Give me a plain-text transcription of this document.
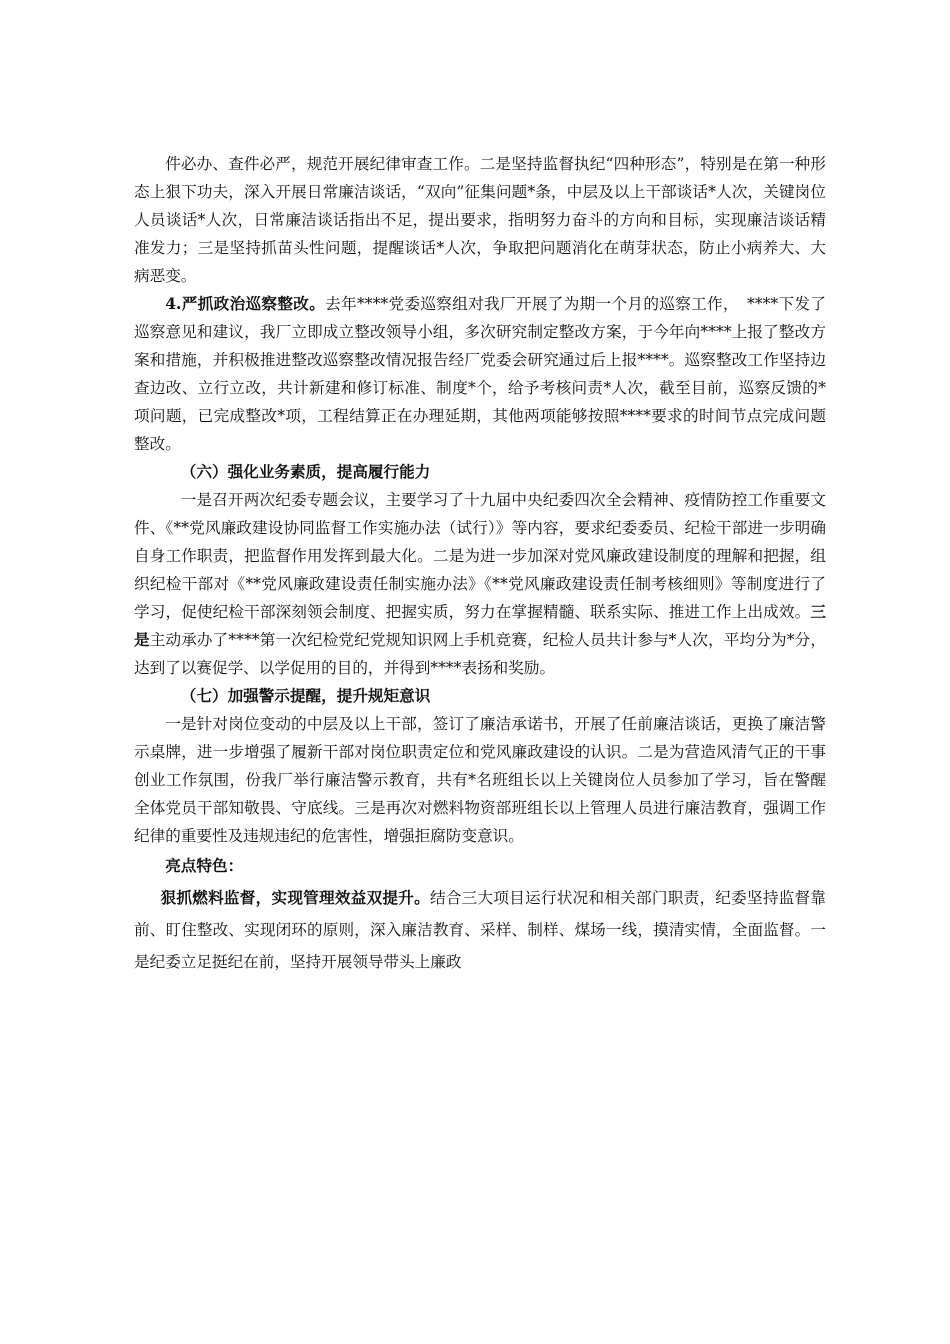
件必办、查件必严，规范开展纪律审查工作。二是坚持监督执纪“四种形态”，特别是在第一种形态上狠下功夫，深入开展日常廉洁谈话，“双向”征集问题*条，中层及以上干部谈话*人次，关键岗位人员谈话*人次，日常廉洁谈话指出不足，提出要求，指明努力奋斗的方向和目标，实现廉洁谈话精准发力；三是坚持抓苗头性问题，提醒谈话*人次，争取把问题消化在萌芽状态，防止小病养大、大病恶变。

4.严抓政治巡察整改。去年****党委巡察组对我厂开展了为期一个月的巡察工作，　****下发了巡察意见和建议，我厂立即成立整改领导小组，多次研究制定整改方案，于今年向****上报了整改方案和措施，并积极推进整改巡察整改情况报告经厂党委会研究通过后上报****。巡察整改工作坚持边查边改、立行立改，共计新建和修订标准、制度*个，给予考核问责*人次，截至目前，巡察反馈的*项问题，已完成整改*项，工程结算正在办理延期，其他两项能够按照****要求的时间节点完成问题整改。

（六）强化业务素质，提高履行能力

一是召开两次纪委专题会议，主要学习了十九届中央纪委四次全会精神、疫情防控工作重要文件、《**党风廉政建设协同监督工作实施办法（试行）》等内容，要求纪委委员、纪检干部进一步明确自身工作职责，把监督作用发挥到最大化。二是为进一步加深对党风廉政建设制度的理解和把握，组织纪检干部对《**党风廉政建设责任制实施办法》《**党风廉政建设责任制考核细则》等制度进行了学习，促使纪检干部深刻领会制度、把握实质，努力在掌握精髓、联系实际、推进工作上出成效。三是主动承办了****第一次纪检党纪党规知识网上手机竞赛，纪检人员共计参与*人次，平均分为*分，达到了以赛促学、以学促用的目的，并得到****表扬和奖励。

（七）加强警示提醒，提升规矩意识

一是针对岗位变动的中层及以上干部，签订了廉洁承诺书，开展了任前廉洁谈话，更换了廉洁警示桌牌，进一步增强了履新干部对岗位职责定位和党风廉政建设的认识。二是为营造风清气正的干事创业工作氛围，份我厂举行廉洁警示教育，共有*名班组长以上关键岗位人员参加了学习，旨在警醒全体党员干部知敬畏、守底线。三是再次对燃料物资部班组长以上管理人员进行廉洁教育，强调工作纪律的重要性及违规违纪的危害性，增强拒腐防变意识。

亮点特色：

狠抓燃料监督，实现管理效益双提升。结合三大项目运行状况和相关部门职责，纪委坚持监督靠前、盯住整改、实现闭环的原则，深入廉洁教育、采样、制样、煤场一线，摸清实情，全面监督。一是纪委立足挺纪在前，坚持开展领导带头上廉政
